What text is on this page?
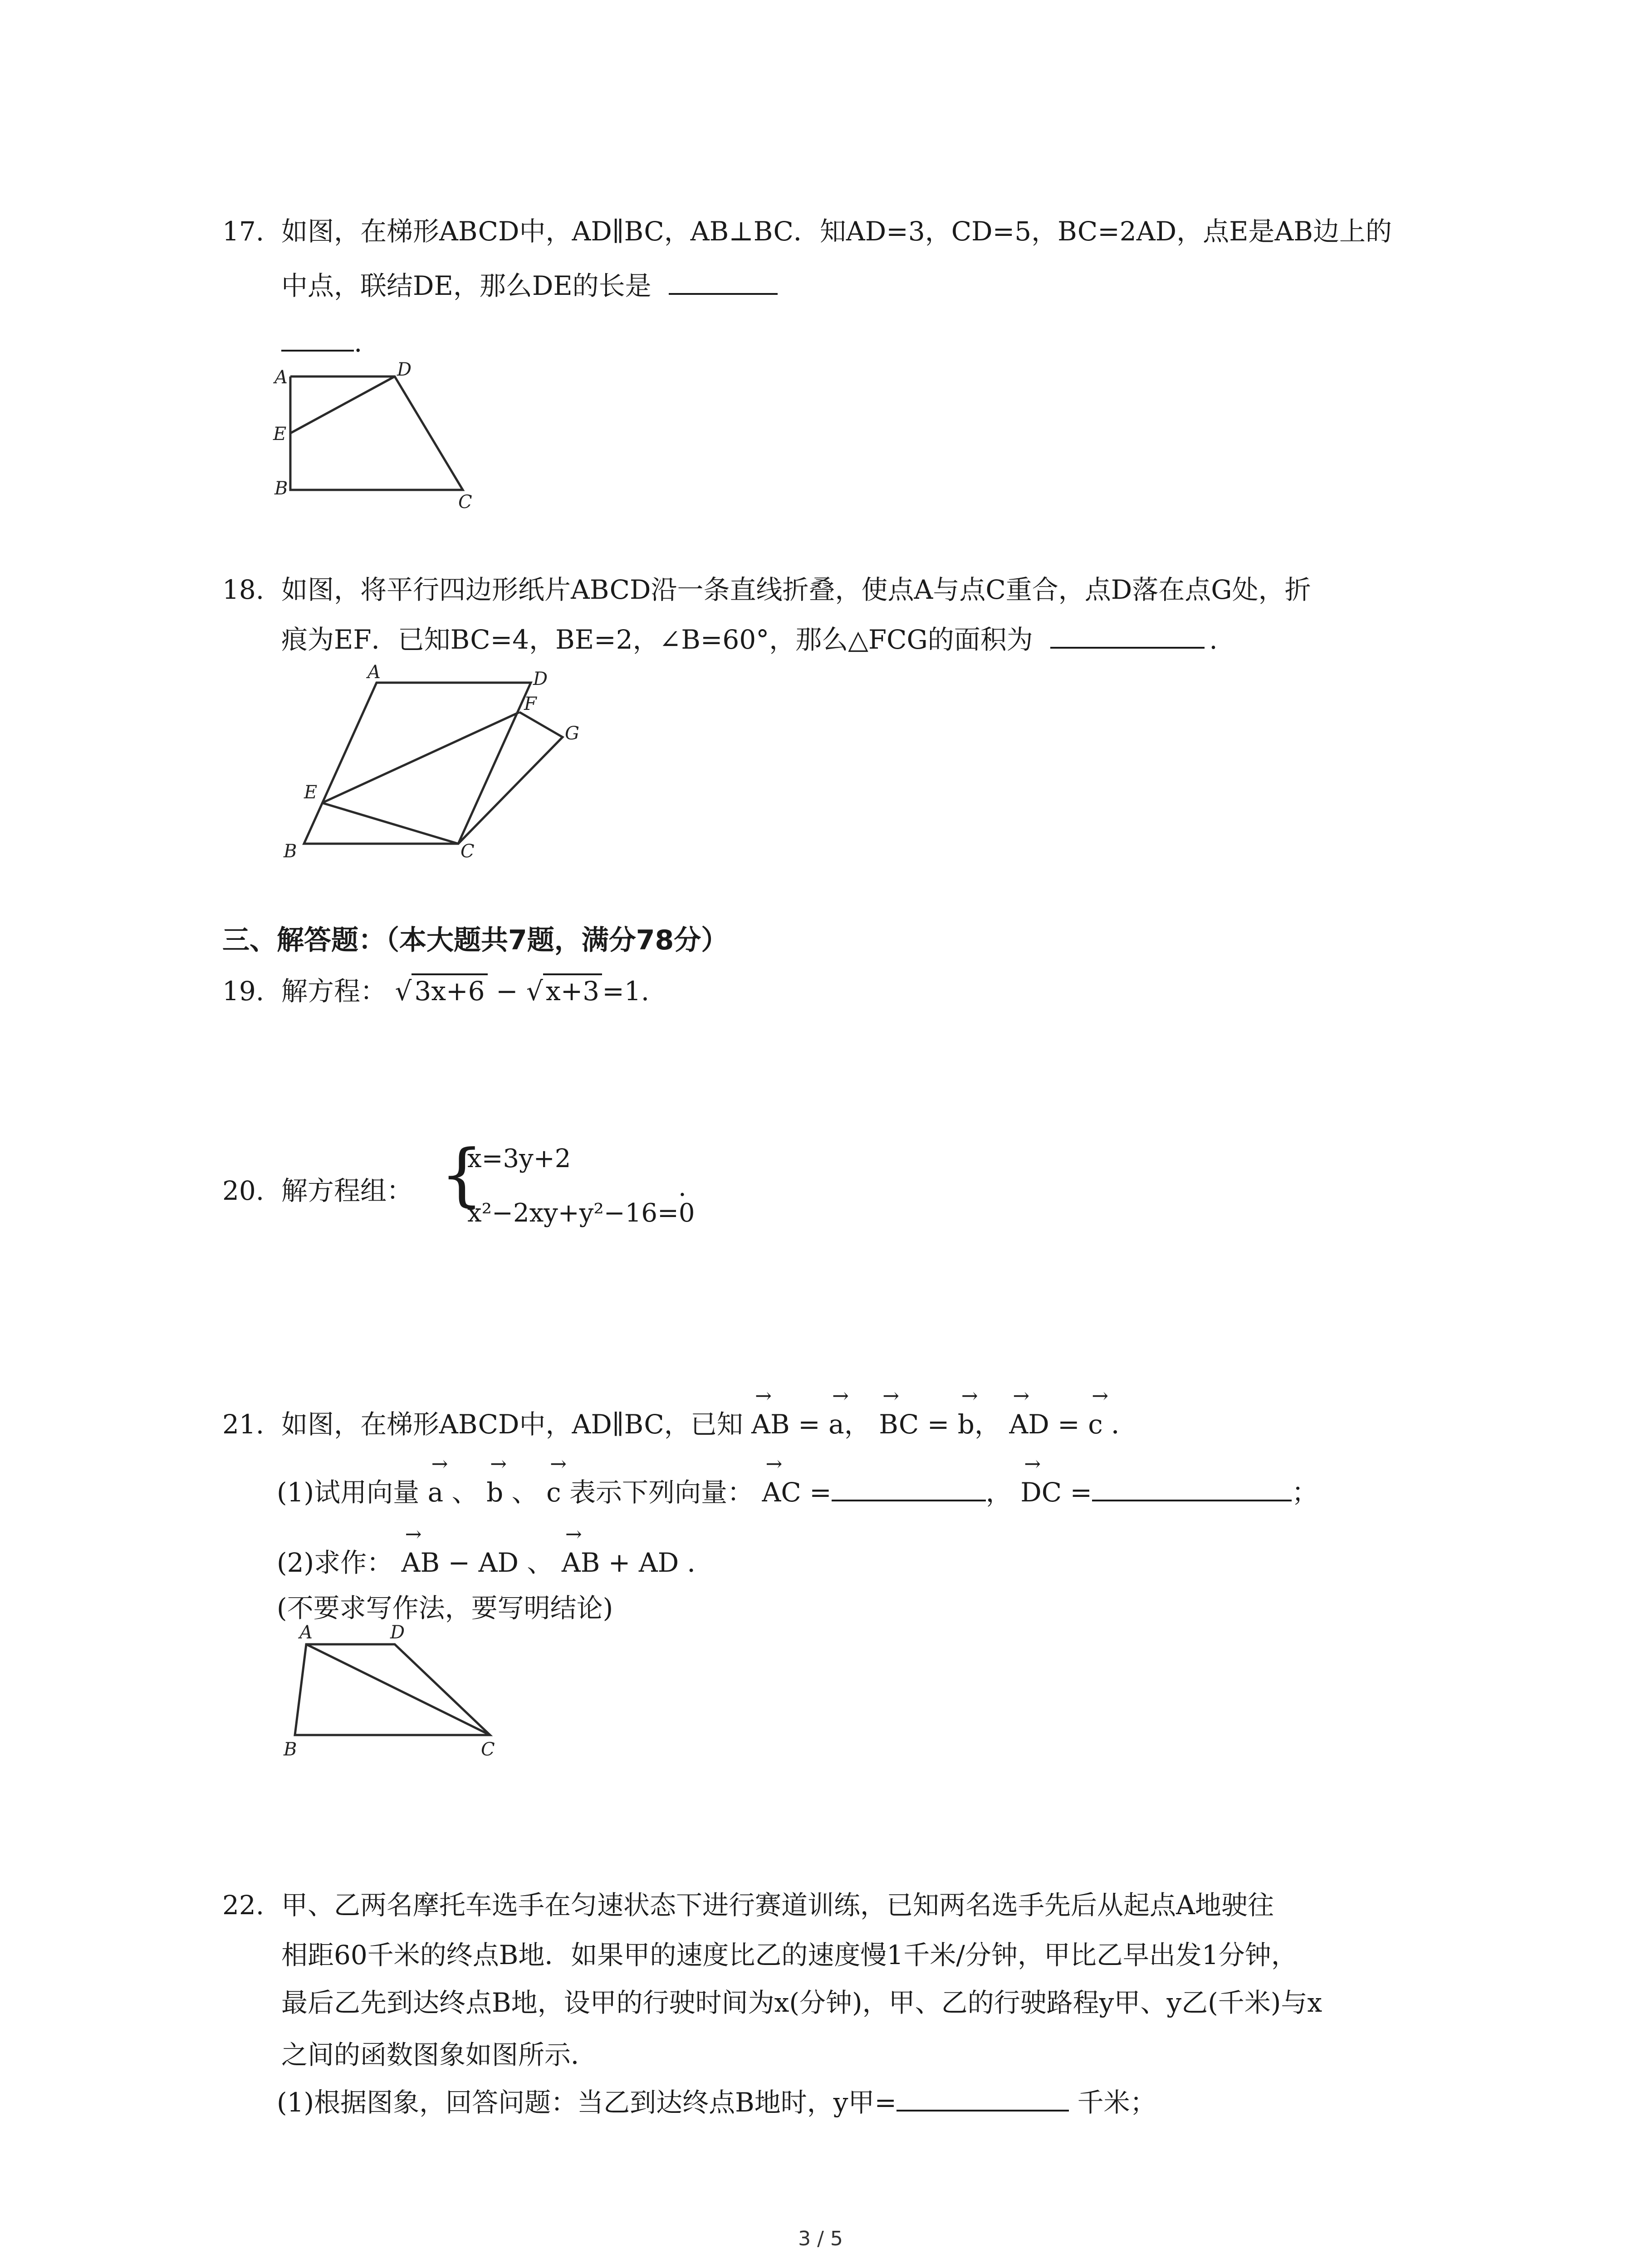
17. 如图，在梯形ABCD中，AD∥BC，AB⊥BC．知AD=3，CD=5，BC=2AD，点E是AB边上的
中点，联结DE，那么DE的长是
.
A	D
E
B
C
18. 如图，将平行四边形纸片ABCD沿一条直线折叠，使点A与点C重合，点D落在点G处，折
痕为EF．已知BC=4，BE=2，∠B=60°，那么△FCG的面积为	.
A	D
F
G
E
B	C
三、解答题：（本大题共7题，满分78分）
19. 解方程： √ 3x+6 − √ x+3 =1.
20. 解方程组： {
x=3y+2
x²−2xy+y²−16=0
.
21. 如图，在梯形ABCD中，AD∥BC，已知 → AB = → a， → BC = → b， → AD = → c ．
(1)试用向量 → a 、 → b 、 → c 表示下列向量： → AC =	， → DC =	；
(2)求作： → AB − AD 、 → AB + AD ．
(不要求写作法，要写明结论)
A	D
B	C
22. 甲、乙两名摩托车选手在匀速状态下进行赛道训练，已知两名选手先后从起点A地驶往
相距60千米的终点B地．如果甲的速度比乙的速度慢1千米/分钟，甲比乙早出发1分钟，
最后乙先到达终点B地，设甲的行驶时间为x(分钟)，甲、乙的行驶路程y甲、y乙(千米)与x
之间的函数图象如图所示．
(1)根据图象，回答问题：当乙到达终点B地时，y甲=	千米；
3 / 5
